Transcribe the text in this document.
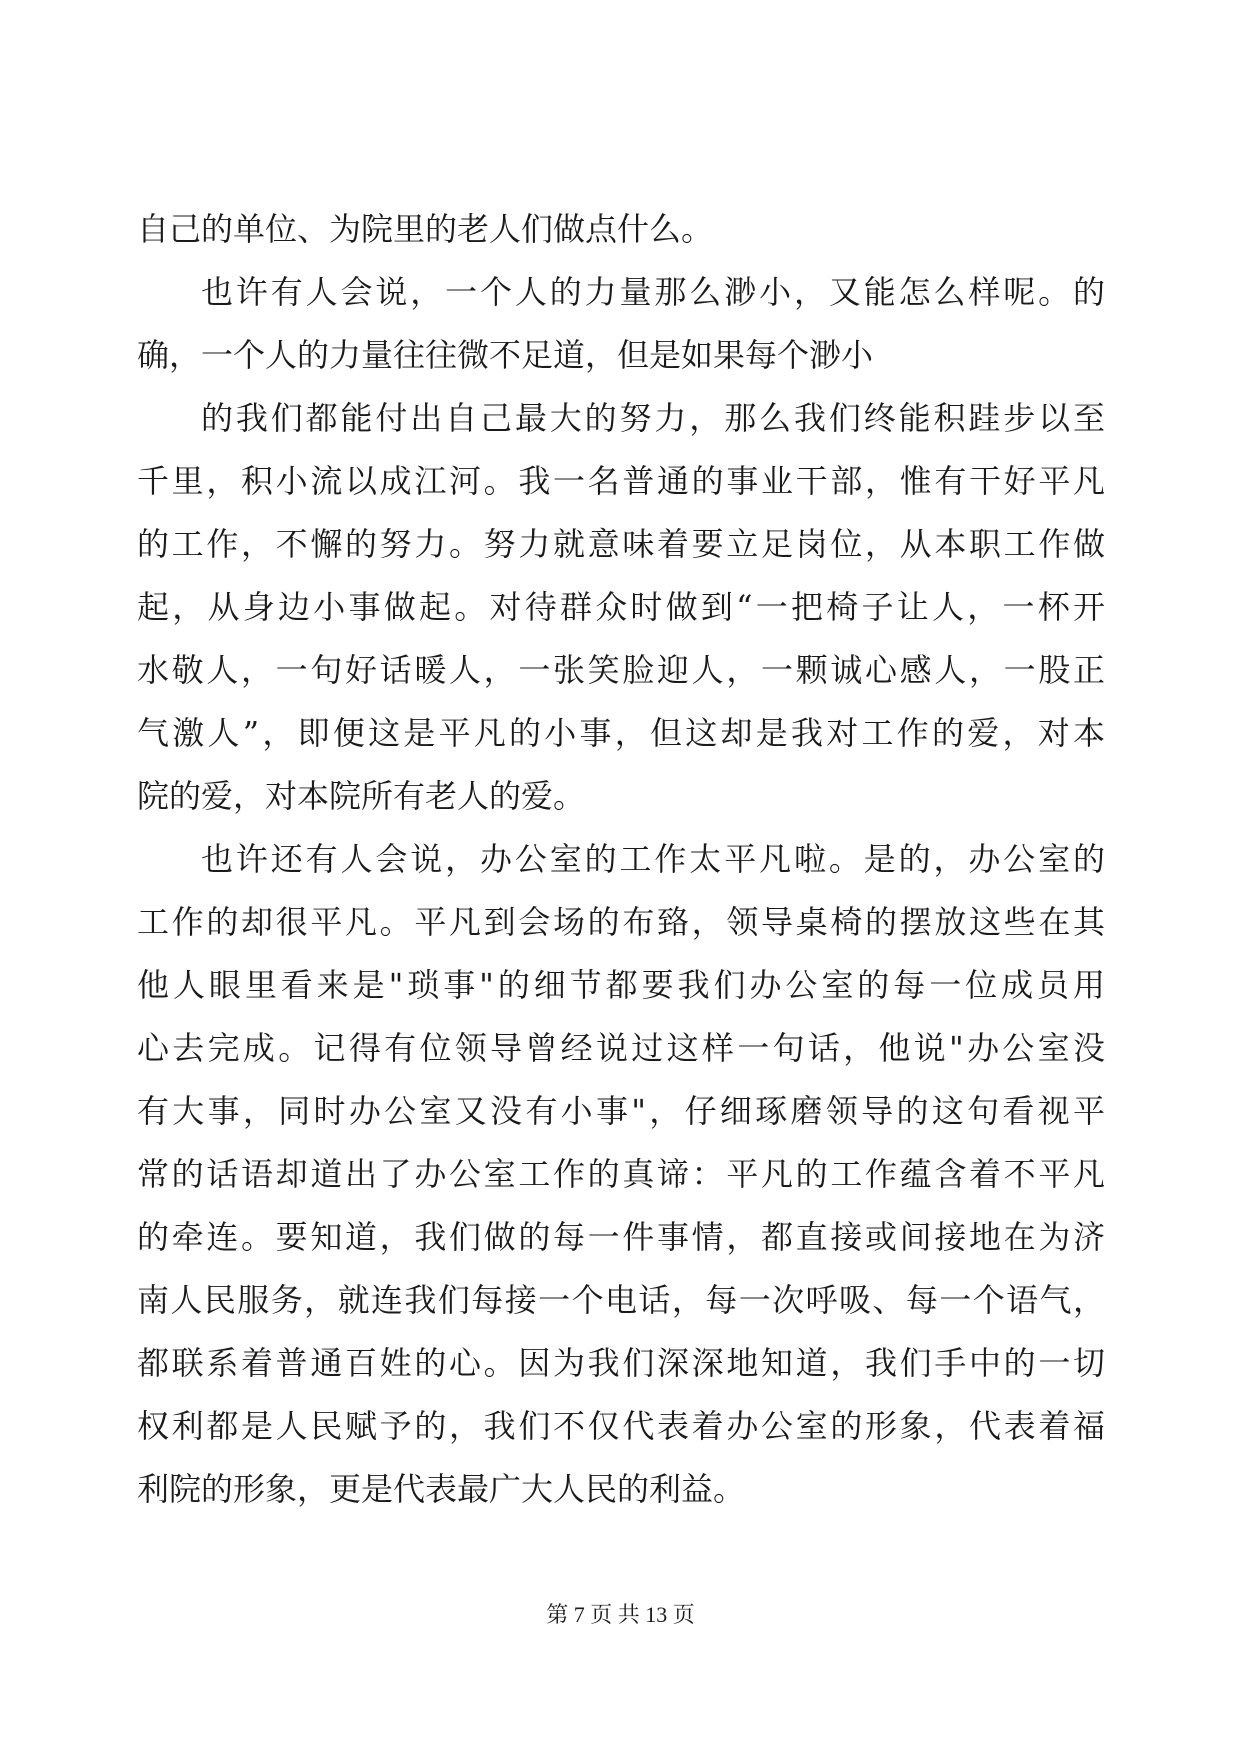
自己的单位、为院里的老人们做点什么。
也许有人会说，一个人的力量那么渺小，又能怎么样呢。的
确，一个人的力量往往微不足道，但是如果每个渺小
的我们都能付出自己最大的努力，那么我们终能积跬步以至
千里，积小流以成江河。我一名普通的事业干部，惟有干好平凡
的工作，不懈的努力。努力就意味着要立足岗位，从本职工作做
起，从身边小事做起。对待群众时做到“一把椅子让人，一杯开
水敬人，一句好话暖人，一张笑脸迎人，一颗诚心感人，一股正
气激人”，即便这是平凡的小事，但这却是我对工作的爱，对本
院的爱，对本院所有老人的爱。
也许还有人会说，办公室的工作太平凡啦。是的，办公室的
工作的却很平凡。平凡到会场的布臵，领导桌椅的摆放这些在其
他人眼里看来是"琐事"的细节都要我们办公室的每一位成员用
心去完成。记得有位领导曾经说过这样一句话，他说"办公室没
有大事，同时办公室又没有小事"，仔细琢磨领导的这句看视平
常的话语却道出了办公室工作的真谛：平凡的工作蕴含着不平凡
的牵连。要知道，我们做的每一件事情，都直接或间接地在为济
南人民服务，就连我们每接一个电话，每一次呼吸、每一个语气，
都联系着普通百姓的心。因为我们深深地知道，我们手中的一切
权利都是人民赋予的，我们不仅代表着办公室的形象，代表着福
利院的形象，更是代表最广大人民的利益。
第 7 页 共 13 页
